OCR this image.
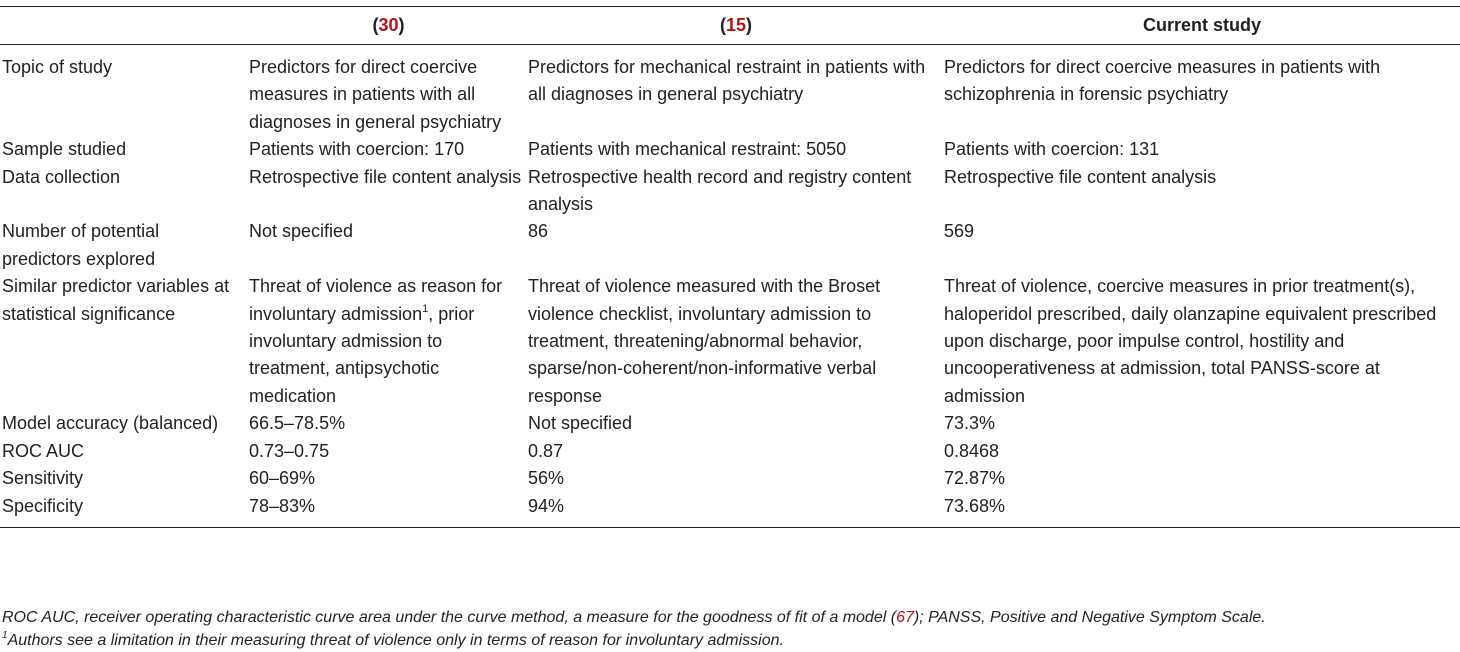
	(30)	(15)	Current study
Topic of study	Predictors for direct coercive measures in patients with all diagnoses in general psychiatry	Predictors for mechanical restraint in patients with all diagnoses in general psychiatry	Predictors for direct coercive measures in patients with schizophrenia in forensic psychiatry
Sample studied	Patients with coercion: 170	Patients with mechanical restraint: 5050	Patients with coercion: 131
Data collection	Retrospective file content analysis	Retrospective health record and registry content analysis	Retrospective file content analysis
Number of potential predictors explored	Not specified	86	569
Similar predictor variables at statistical significance	Threat of violence as reason for involuntary admission$^1$, prior involuntary admission to treatment, antipsychotic medication	Threat of violence measured with the Broset violence checklist, involuntary admission to treatment, threatening/abnormal behavior, sparse/non-coherent/non-informative verbal response	Threat of violence, coercive measures in prior treatment(s), haloperidol prescribed, daily olanzapine equivalent prescribed upon discharge, poor impulse control, hostility and uncooperativeness at admission, total PANSS-score at admission
Model accuracy (balanced)	66.5–78.5%	Not specified	73.3%
ROC AUC	0.73–0.75	0.87	0.8468
Sensitivity	60–69%	56%	72.87%
Specificity	78–83%	94%	73.68%

ROC AUC, receiver operating characteristic curve area under the curve method, a measure for the goodness of fit of a model (67); PANSS, Positive and Negative Symptom Scale.

$^1$Authors see a limitation in their measuring threat of violence only in terms of reason for involuntary admission.
